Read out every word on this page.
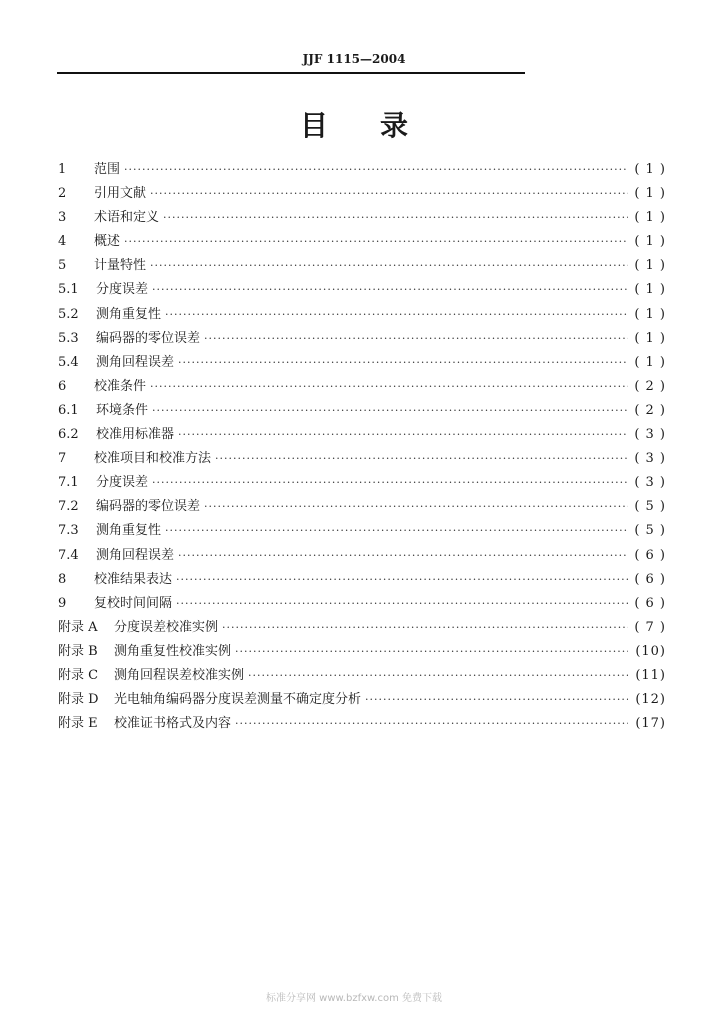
JJF 1115—2004
目录
1	范围 ·····	( 1 )
2	引用文献 ·····	( 1 )
3	术语和定义 ·····	( 1 )
4	概述 ·····	( 1 )
5	计量特性 ·····	( 1 )
5.1	分度误差 ·····	( 1 )
5.2	测角重复性 ·····	( 1 )
5.3	编码器的零位误差 ·····	( 1 )
5.4	测角回程误差 ·····	( 1 )
6	校准条件 ·····	( 2 )
6.1	环境条件 ·····	( 2 )
6.2	校准用标准器 ·····	( 3 )
7	校准项目和校准方法 ·····	( 3 )
7.1	分度误差 ·····	( 3 )
7.2	编码器的零位误差 ·····	( 5 )
7.3	测角重复性 ·····	( 5 )
7.4	测角回程误差 ·····	( 6 )
8	校准结果表达 ·····	( 6 )
9	复校时间间隔 ·····	( 6 )
附录 A	分度误差校准实例 ·····	( 7 )
附录 B	测角重复性校准实例 ·····	(10)
附录 C	测角回程误差校准实例 ·····	(11)
附录 D	光电轴角编码器分度误差测量不确定度分析 ·····	(12)
附录 E	校准证书格式及内容 ·····	(17)
标准分享网 www.bzfxw.com 免费下载
